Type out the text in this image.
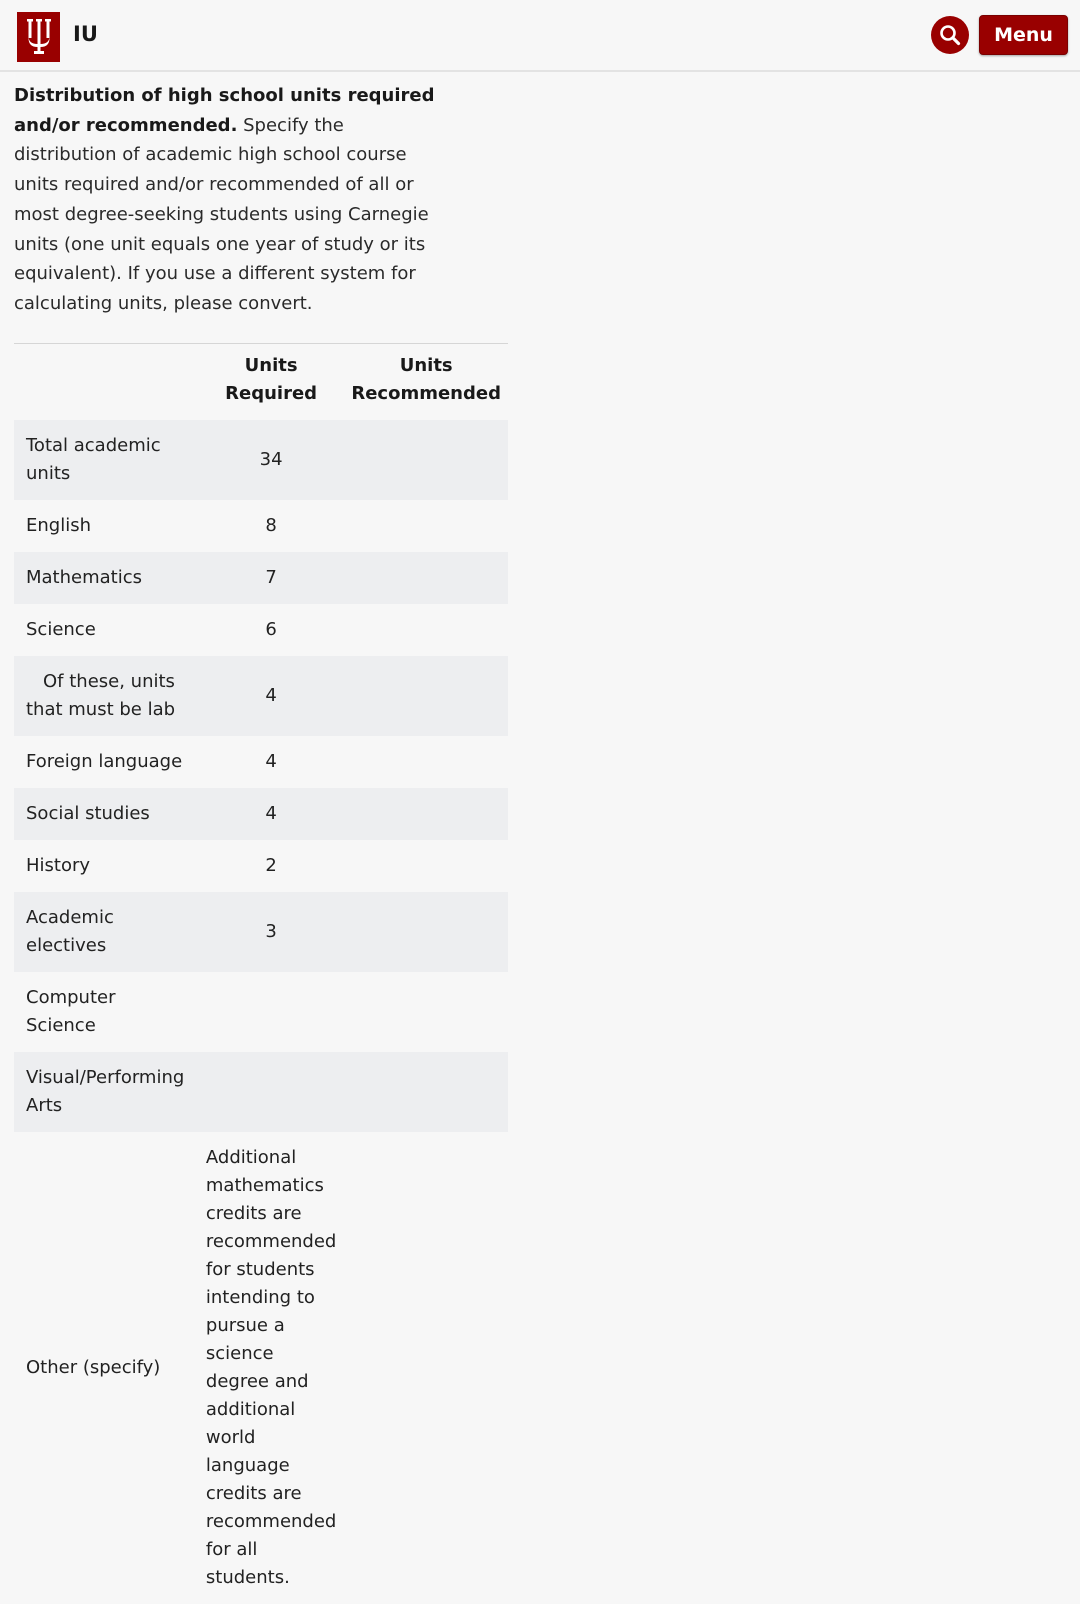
IU	Menu

Distribution of high school units required and/or recommended. Specify the distribution of academic high school course units required and/or recommended of all or most degree-seeking students using Carnegie units (one unit equals one year of study or its equivalent). If you use a different system for calculating units, please convert.

	Units Required	Units Recommended
Total academic units	34	
English	8	
Mathematics	7	
Science	6	
Of these, units that must be lab	4	
Foreign language	4	
Social studies	4	
History	2	
Academic electives	3	
Computer Science		
Visual/Performing Arts		
Other (specify)	Additional mathematics credits are recommended for students intending to pursue a science degree and additional world language credits are recommended for all students.	
